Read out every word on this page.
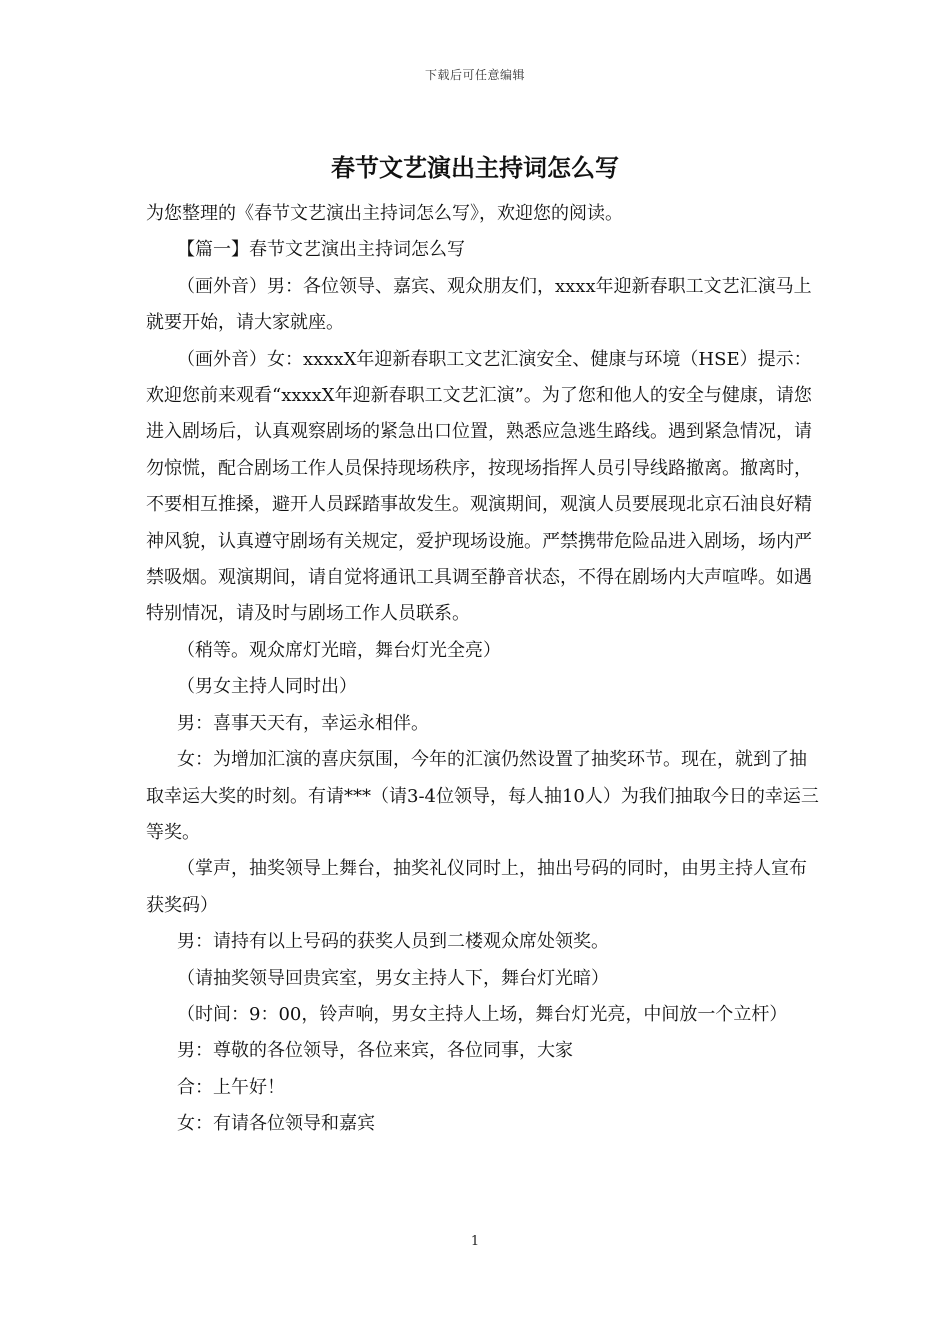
下载后可任意编辑
春节文艺演出主持词怎么写

为您整理的《春节文艺演出主持词怎么写》，欢迎您的阅读。

【篇一】春节文艺演出主持词怎么写

（画外音）男：各位领导、嘉宾、观众朋友们，xxxx年迎新春职工文艺汇演马上就要开始，请大家就座。

（画外音）女：xxxxX年迎新春职工文艺汇演安全、健康与环境（HSE）提示：欢迎您前来观看“xxxxX年迎新春职工文艺汇演”。为了您和他人的安全与健康，请您进入剧场后，认真观察剧场的紧急出口位置，熟悉应急逃生路线。遇到紧急情况，请勿惊慌，配合剧场工作人员保持现场秩序，按现场指挥人员引导线路撤离。撤离时，不要相互推搡，避开人员踩踏事故发生。观演期间，观演人员要展现北京石油良好精神风貌，认真遵守剧场有关规定，爱护现场设施。严禁携带危险品进入剧场，场内严禁吸烟。观演期间，请自觉将通讯工具调至静音状态，不得在剧场内大声喧哗。如遇特别情况，请及时与剧场工作人员联系。

（稍等。观众席灯光暗，舞台灯光全亮）

（男女主持人同时出）

男：喜事天天有，幸运永相伴。

女：为增加汇演的喜庆氛围，今年的汇演仍然设置了抽奖环节。现在，就到了抽取幸运大奖的时刻。有请***（请3-4位领导，每人抽10人）为我们抽取今日的幸运三等奖。

（掌声，抽奖领导上舞台，抽奖礼仪同时上，抽出号码的同时，由男主持人宣布获奖码）

男：请持有以上号码的获奖人员到二楼观众席处领奖。

（请抽奖领导回贵宾室，男女主持人下，舞台灯光暗）

（时间：9：00，铃声响，男女主持人上场，舞台灯光亮，中间放一个立杆）

男：尊敬的各位领导，各位来宾，各位同事，大家

合：上午好！

女：有请各位领导和嘉宾

1
